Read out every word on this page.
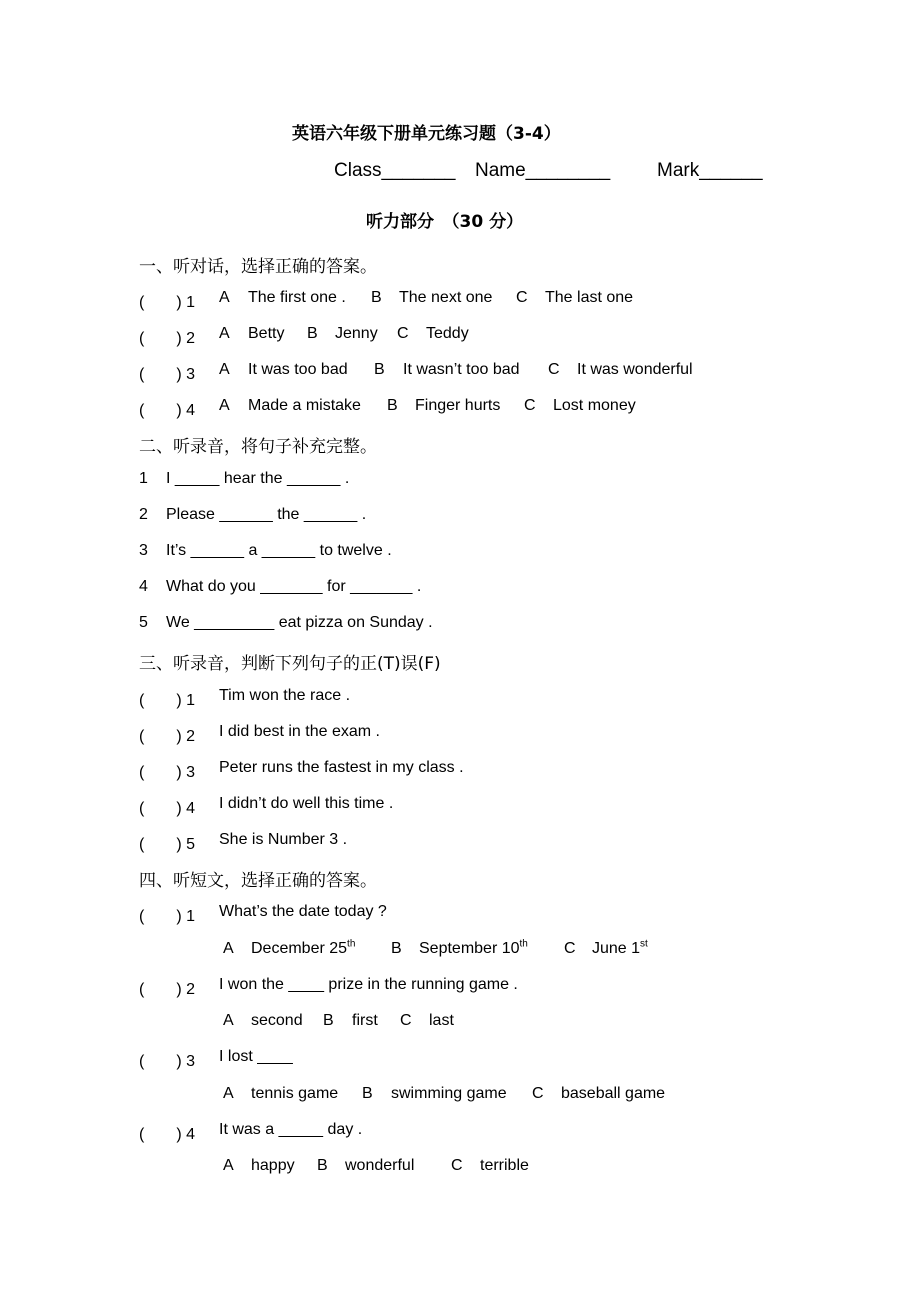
英语六年级下册单元练习题（3-4）
Class_______ Name________ Mark______
听力部分　（30 分）
一、听对话，选择正确的答案。
(　　) 1 A The first one . B The next one C The last one
(　　) 2 A Betty B Jenny C Teddy
(　　) 3 A It was too bad B It wasn’t too bad C It was wonderful
(　　) 4 A Made a mistake B Finger hurts C Lost money
二、听录音，将句子补充完整。
1 I _____ hear the ______ .
2 Please ______ the ______ .
3 It’s ______ a ______ to twelve .
4 What do you _______ for _______ .
5 We _________ eat pizza on Sunday .
三、听录音，判断下列句子的正(T)误(F)
(　　) 1 Tim won the race .
(　　) 2 I did best in the exam .
(　　) 3 Peter runs the fastest in my class .
(　　) 4 I didn’t do well this time .
(　　) 5 She is Number 3 .
四、听短文，选择正确的答案。
(　　) 1 What’s the date today ?
A December 25th B September 10th C June 1st
(　　) 2 I won the ____ prize in the running game .
A second B first C last
(　　) 3 I lost ____
A tennis game B swimming game C baseball game
(　　) 4 It was a _____ day .
A happy B wonderful C terrible
